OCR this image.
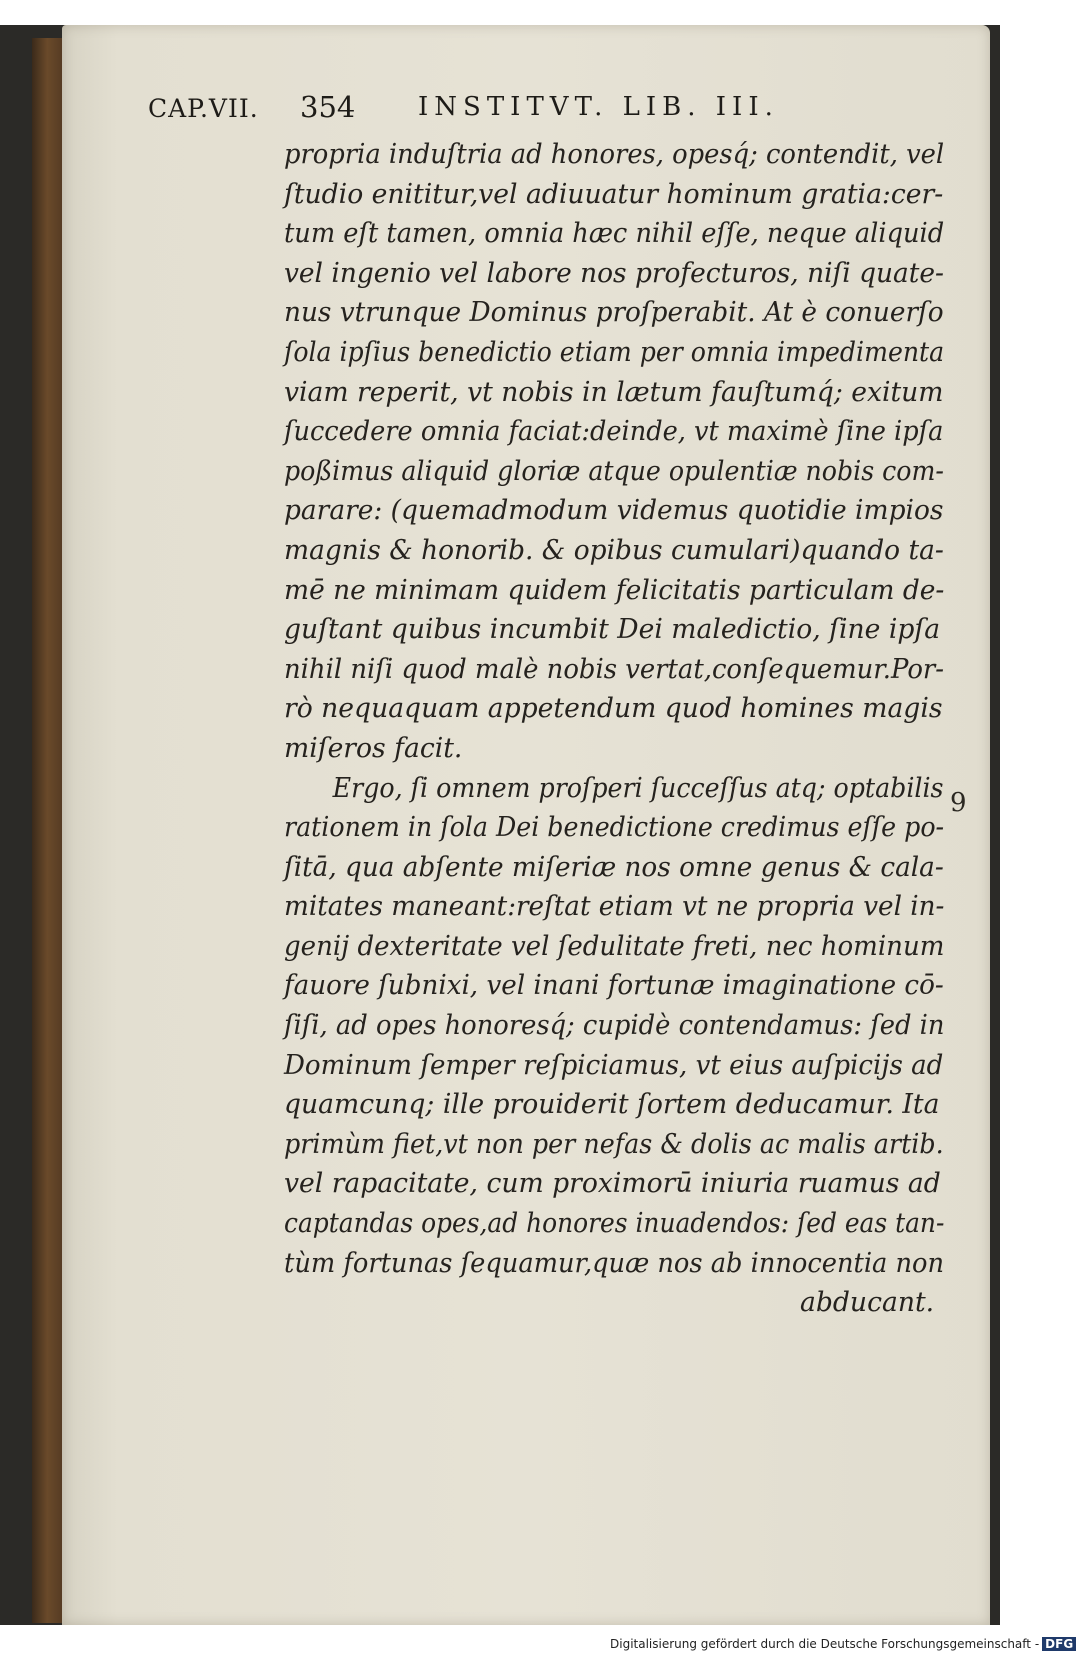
CAP.VII. 354 INSTITVT. LIB. III.
propria induſtria ad honores, opesq́; contendit, vel
ſtudio enititur,vel adiuuatur hominum gratia:cer-
tum eſt tamen, omnia hæc nihil eſſe, neque aliquid
vel ingenio vel labore nos profecturos, niſi quate-
nus vtrunque Dominus proſperabit. At è conuerſo
ſola ipſius benedictio etiam per omnia impedimenta
viam reperit, vt nobis in lætum fauſtumq́; exitum
ſuccedere omnia faciat:deinde, vt maximè ſine ipſa
poßimus aliquid gloriæ atque opulentiæ nobis com-
parare: (quemadmodum videmus quotidie impios
magnis & honorib. & opibus cumulari)quando ta-
mē ne minimam quidem felicitatis particulam de-
guſtant quibus incumbit Dei maledictio, ſine ipſa
nihil niſi quod malè nobis vertat,conſequemur.Por-
rò nequaquam appetendum quod homines magis
miſeros facit.
Ergo, ſi omnem proſperi ſucceſſus atq; optabilis
rationem in ſola Dei benedictione credimus eſſe po-
ſitā, qua abſente miſeriæ nos omne genus & cala-
mitates maneant:reſtat etiam vt ne propria vel in-
genij dexteritate vel ſedulitate freti, nec hominum
fauore ſubnixi, vel inani fortunæ imaginatione cō-
ſiſi, ad opes honoresq́; cupidè contendamus: ſed in
Dominum ſemper reſpiciamus, vt eius auſpicijs ad
quamcunq; ille prouiderit ſortem deducamur. Ita
primùm fiet,vt non per nefas & dolis ac malis artib.
vel rapacitate, cum proximorū iniuria ruamus ad
captandas opes,ad honores inuadendos: ſed eas tan-
tùm fortunas ſequamur,quæ nos ab innocentia non
abducant.
9
Digitalisierung gefördert durch die Deutsche Forschungsgemeinschaft - DFG
